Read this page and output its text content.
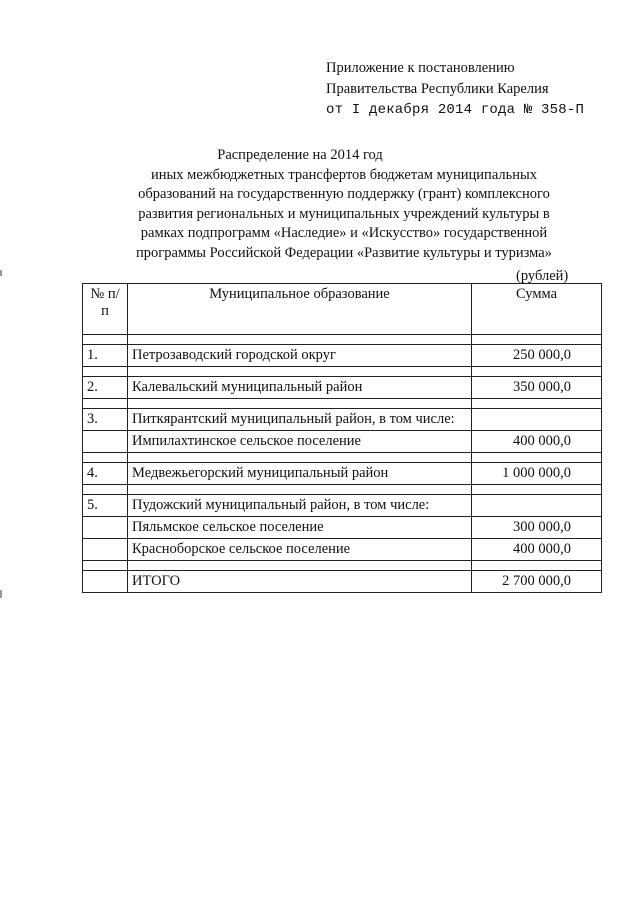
Приложение к постановлению
Правительства Республики Карелия
от I декабря 2014 года № 358-П
Распределение на 2014 год
иных межбюджетных трансфертов бюджетам муниципальных
образований на государственную поддержку (грант) комплексного
развития региональных и муниципальных учреждений культуры в
рамках подпрограмм «Наследие» и «Искусство» государственной
программы Российской Федерации «Развитие культуры и туризма»
(рублей)
№ п/п	Муниципальное образование	Сумма

1.	Петрозаводский городской округ	250 000,0

2.	Калевальский муниципальный район	350 000,0

3.	Питкярантский муниципальный район, в том числе:	
	Импилахтинское сельское поселение	400 000,0

4.	Медвежьегорский муниципальный район	1 000 000,0

5.	Пудожский муниципальный район, в том числе:	
	Пяльмское сельское поселение	300 000,0
	Красноборское сельское поселение	400 000,0

	ИТОГО	2 700 000,0
